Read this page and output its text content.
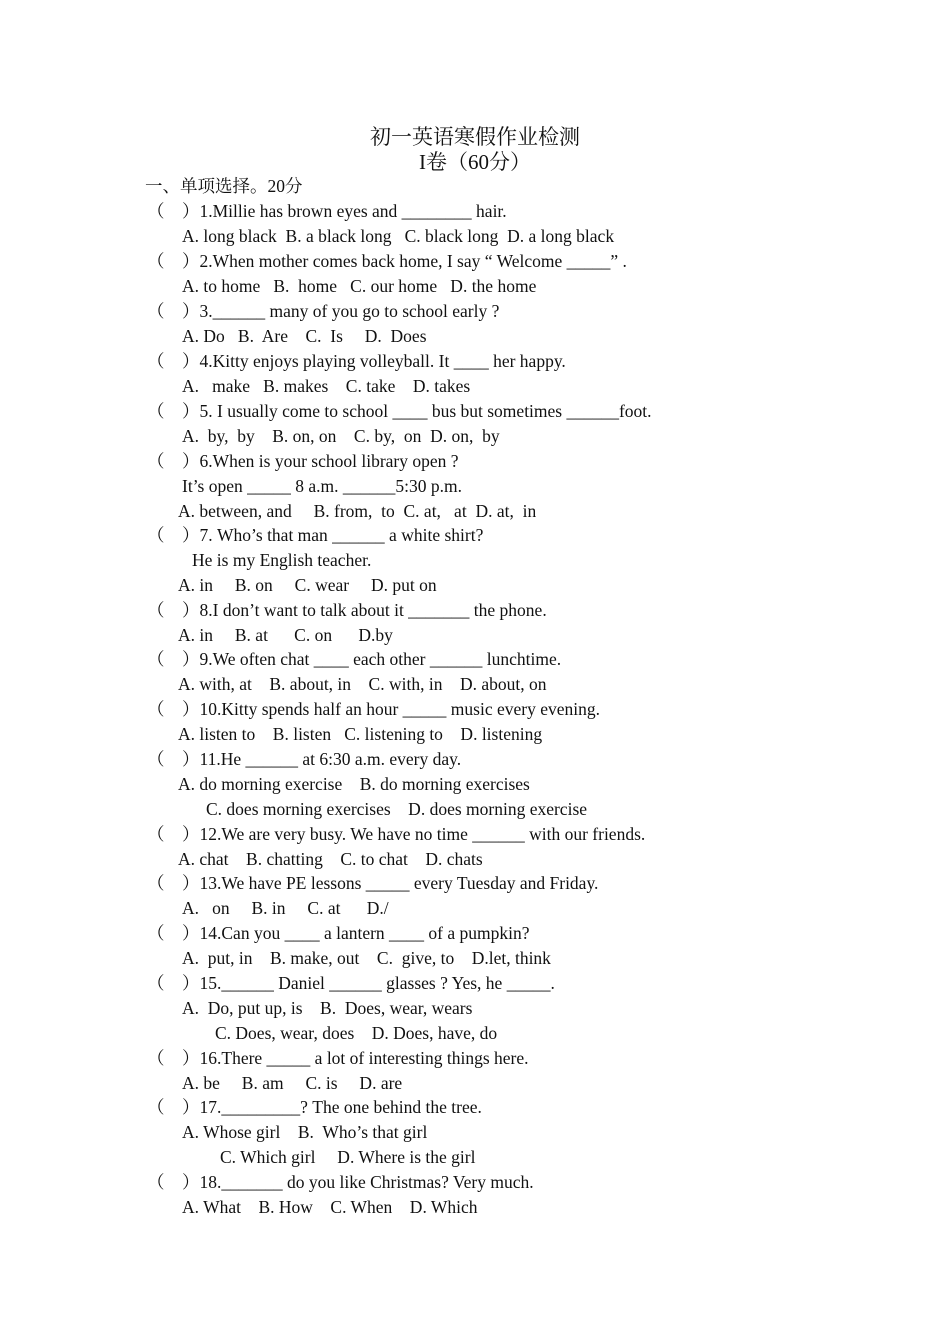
初一英语寒假作业检测
I卷（60分）
一、单项选择。20分
（    ）1.Millie has brown eyes and ________ hair.
A. long black  B. a black long   C. black long  D. a long black
（    ）2.When mother comes back home, I say “ Welcome _____” .
A. to home   B.  home   C. our home   D. the home
（    ）3.______ many of you go to school early ?
A. Do   B.  Are    C.  Is     D.  Does
（    ）4.Kitty enjoys playing volleyball. It ____ her happy.
A.   make   B. makes    C. take    D. takes
（    ）5. I usually come to school ____ bus but sometimes ______foot.
A.  by,  by    B. on, on    C. by,  on  D. on,  by
（    ）6.When is your school library open ?
It’s open _____ 8 a.m. ______5:30 p.m.
A. between, and     B. from,  to  C. at,   at  D. at,  in
（    ）7. Who’s that man ______ a white shirt?
He is my English teacher.
A. in     B. on     C. wear     D. put on
（    ）8.I don’t want to talk about it _______ the phone.
A. in     B. at      C. on      D.by
（    ）9.We often chat ____ each other ______ lunchtime.
A. with, at    B. about, in    C. with, in    D. about, on
（    ）10.Kitty spends half an hour _____ music every evening.
A. listen to    B. listen   C. listening to    D. listening
（    ）11.He ______ at 6:30 a.m. every day.
A. do morning exercise    B. do morning exercises
C. does morning exercises    D. does morning exercise
（    ）12.We are very busy. We have no time ______ with our friends.
A. chat    B. chatting    C. to chat    D. chats
（    ）13.We have PE lessons _____ every Tuesday and Friday.
A.   on     B. in     C. at      D./
（    ）14.Can you ____ a lantern ____ of a pumpkin?
A.  put, in    B. make, out    C.  give, to    D.let, think
（    ）15.______ Daniel ______ glasses ? Yes, he _____.
A.  Do, put up, is    B.  Does, wear, wears
C. Does, wear, does    D. Does, have, do
（    ）16.There _____ a lot of interesting things here.
A. be     B. am     C. is     D. are
（    ）17._________? The one behind the tree.
A. Whose girl    B.  Who’s that girl
C. Which girl     D. Where is the girl
（    ）18._______ do you like Christmas? Very much.
A. What    B. How    C. When    D. Which
